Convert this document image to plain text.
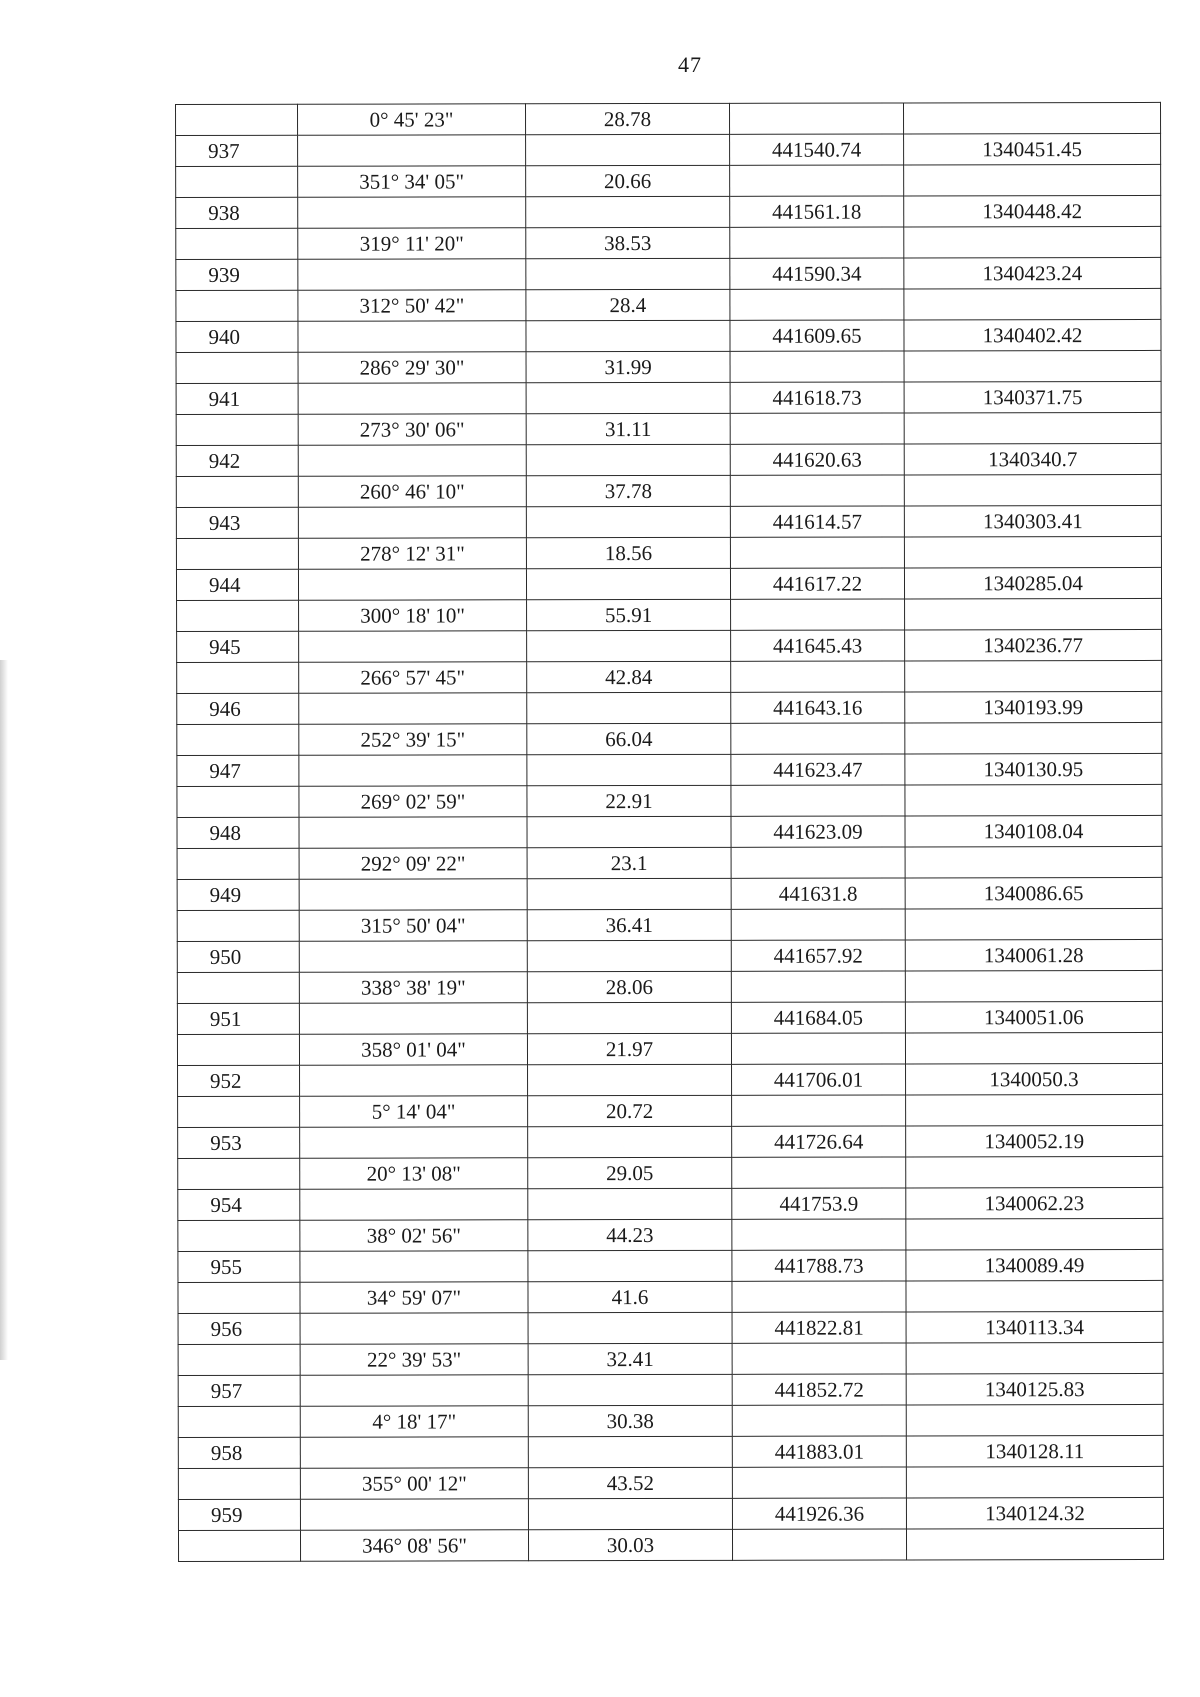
47
	0° 45' 23"	28.78		
937			441540.74	1340451.45
	351° 34' 05"	20.66		
938			441561.18	1340448.42
	319° 11' 20"	38.53		
939			441590.34	1340423.24
	312° 50' 42"	28.4		
940			441609.65	1340402.42
	286° 29' 30"	31.99		
941			441618.73	1340371.75
	273° 30' 06"	31.11		
942			441620.63	1340340.7
	260° 46' 10"	37.78		
943			441614.57	1340303.41
	278° 12' 31"	18.56		
944			441617.22	1340285.04
	300° 18' 10"	55.91		
945			441645.43	1340236.77
	266° 57' 45"	42.84		
946			441643.16	1340193.99
	252° 39' 15"	66.04		
947			441623.47	1340130.95
	269° 02' 59"	22.91		
948			441623.09	1340108.04
	292° 09' 22"	23.1		
949			441631.8	1340086.65
	315° 50' 04"	36.41		
950			441657.92	1340061.28
	338° 38' 19"	28.06		
951			441684.05	1340051.06
	358° 01' 04"	21.97		
952			441706.01	1340050.3
	5° 14' 04"	20.72		
953			441726.64	1340052.19
	20° 13' 08"	29.05		
954			441753.9	1340062.23
	38° 02' 56"	44.23		
955			441788.73	1340089.49
	34° 59' 07"	41.6		
956			441822.81	1340113.34
	22° 39' 53"	32.41		
957			441852.72	1340125.83
	4° 18' 17"	30.38		
958			441883.01	1340128.11
	355° 00' 12"	43.52		
959			441926.36	1340124.32
	346° 08' 56"	30.03		
